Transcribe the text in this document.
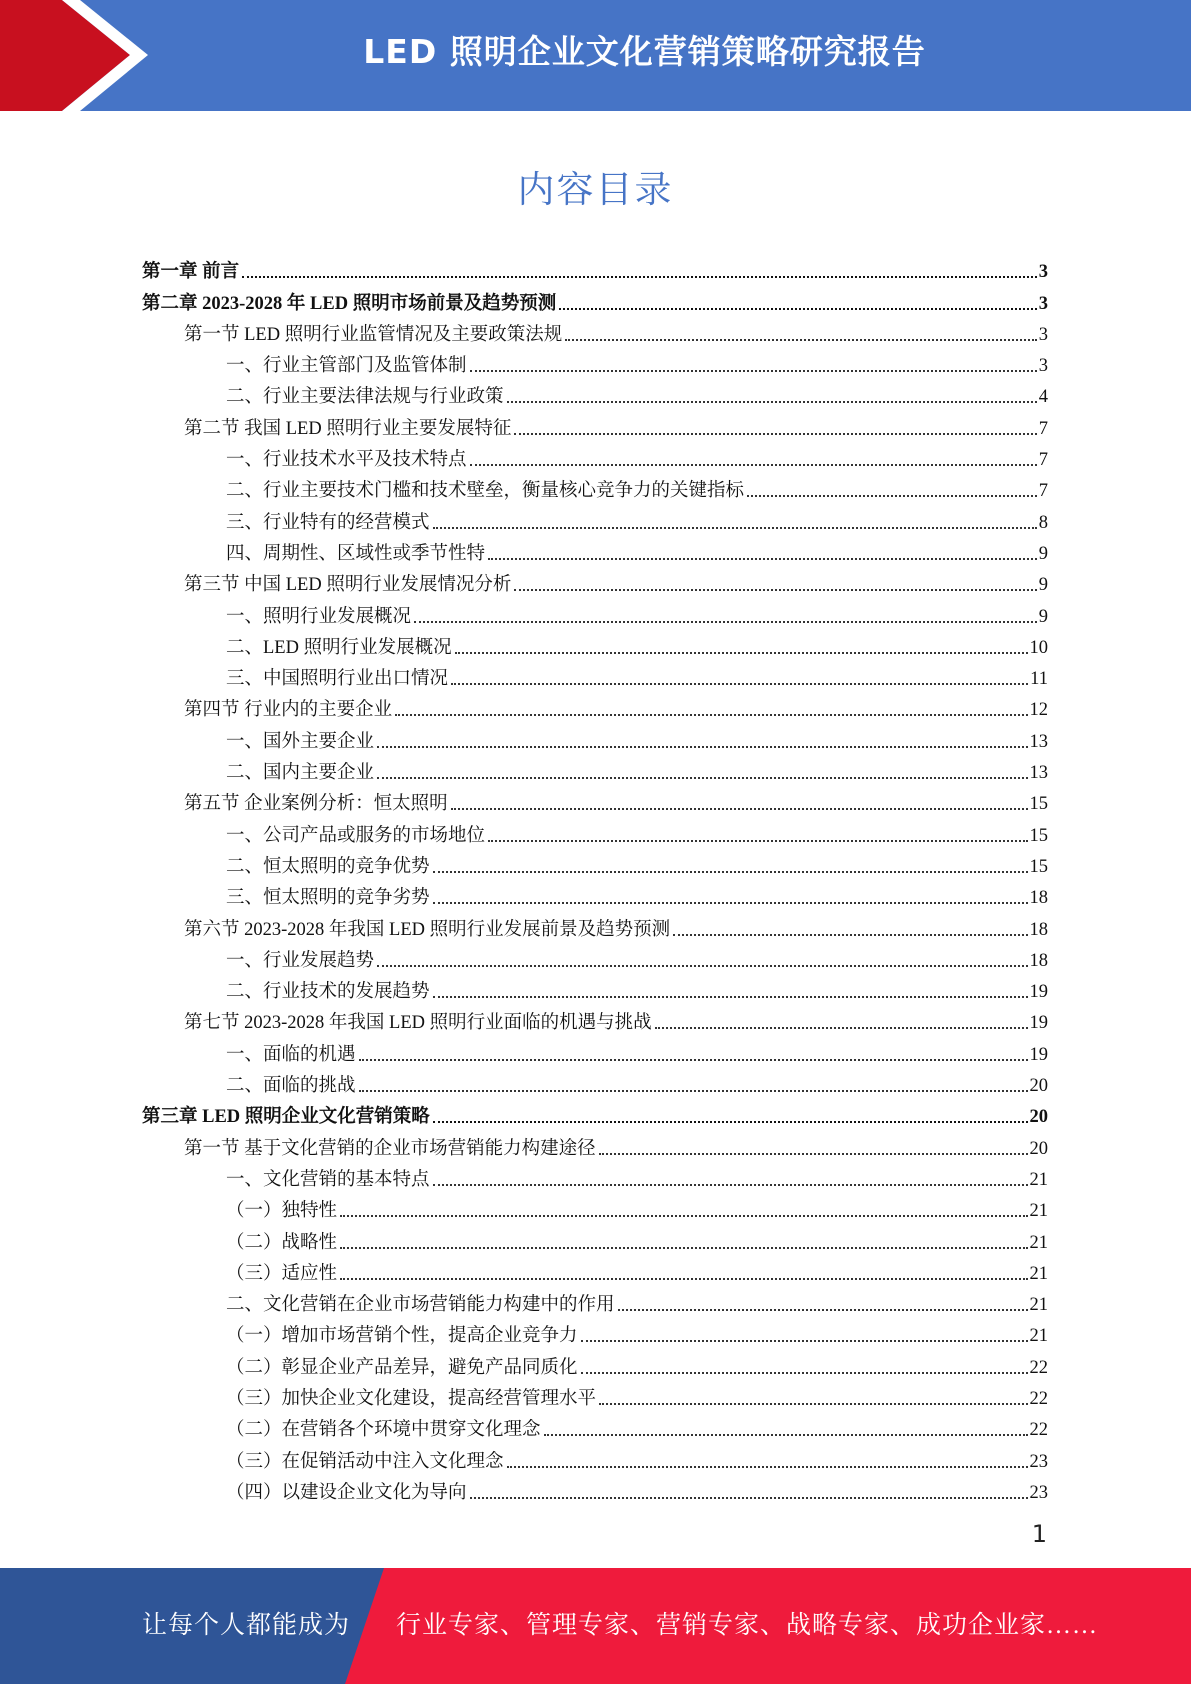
LED 照明企业文化营销策略研究报告
内容目录
第一章 前言	3
第二章 2023-2028 年 LED 照明市场前景及趋势预测	3
第一节 LED 照明行业监管情况及主要政策法规	3
一、行业主管部门及监管体制	3
二、行业主要法律法规与行业政策	4
第二节 我国 LED 照明行业主要发展特征	7
一、行业技术水平及技术特点	7
二、行业主要技术门槛和技术壁垒，衡量核心竞争力的关键指标	7
三、行业特有的经营模式	8
四、周期性、区域性或季节性特	9
第三节 中国 LED 照明行业发展情况分析	9
一、照明行业发展概况	9
二、LED 照明行业发展概况	10
三、中国照明行业出口情况	11
第四节 行业内的主要企业	12
一、国外主要企业	13
二、国内主要企业	13
第五节 企业案例分析：恒太照明	15
一、公司产品或服务的市场地位	15
二、恒太照明的竞争优势	15
三、恒太照明的竞争劣势	18
第六节 2023-2028 年我国 LED 照明行业发展前景及趋势预测	18
一、行业发展趋势	18
二、行业技术的发展趋势	19
第七节 2023-2028 年我国 LED 照明行业面临的机遇与挑战	19
一、面临的机遇	19
二、面临的挑战	20
第三章 LED 照明企业文化营销策略	20
第一节 基于文化营销的企业市场营销能力构建途径	20
一、文化营销的基本特点	21
（一）独特性	21
（二）战略性	21
（三）适应性	21
二、文化营销在企业市场营销能力构建中的作用	21
（一）增加市场营销个性，提高企业竞争力	21
（二）彰显企业产品差异，避免产品同质化	22
（三）加快企业文化建设，提高经营管理水平	22
（二）在营销各个环境中贯穿文化理念	22
（三）在促销活动中注入文化理念	23
（四）以建设企业文化为导向	23
1
让每个人都能成为 行业专家、管理专家、营销专家、战略专家、成功企业家……
